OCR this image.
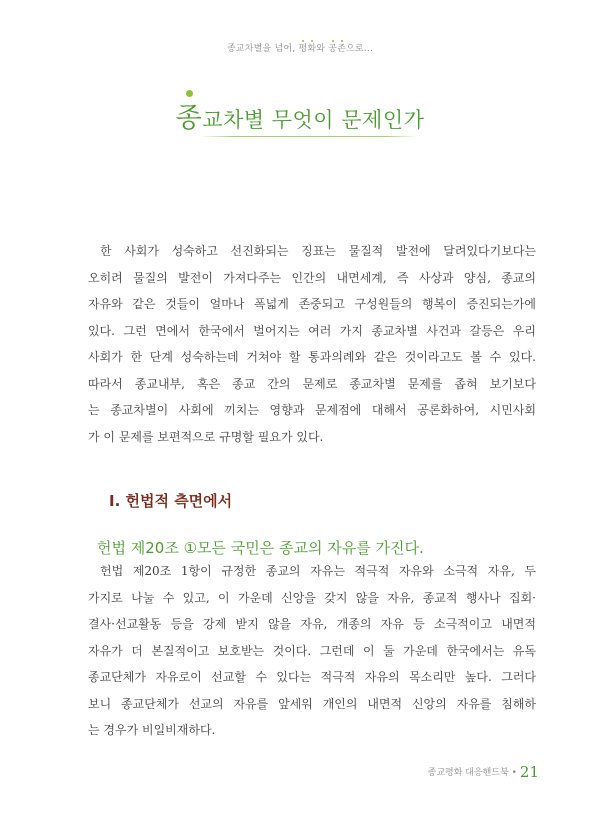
종교차별을 넘어, 평화와 공존으로...
종교차별 무엇이 문제인가
한 사회가 성숙하고 선진화되는 징표는 물질적 발전에 달려있다기보다는
오히려 물질의 발전이 가져다주는 인간의 내면세계, 즉 사상과 양심, 종교의
자유와 같은 것들이 얼마나 폭넓게 존중되고 구성원들의 행복이 증진되는가에
있다. 그런 면에서 한국에서 벌어지는 여러 가지 종교차별 사건과 갈등은 우리
사회가 한 단계 성숙하는데 거쳐야 할 통과의례와 같은 것이라고도 볼 수 있다.
따라서 종교내부, 혹은 종교 간의 문제로 종교차별 문제를 좁혀 보기보다
는 종교차별이 사회에 끼치는 영향과 문제점에 대해서 공론화하여, 시민사회
가 이 문제를 보편적으로 규명할 필요가 있다.
Ⅰ. 헌법적 측면에서
헌법 제20조 ①모든 국민은 종교의 자유를 가진다.
헌법 제20조 1항이 규정한 종교의 자유는 적극적 자유와 소극적 자유, 두
가지로 나눌 수 있고, 이 가운데 신앙을 갖지 않을 자유, 종교적 행사나 집회·
결사·선교활동 등을 강제 받지 않을 자유, 개종의 자유 등 소극적이고 내면적
자유가 더 본질적이고 보호받는 것이다. 그런데 이 둘 가운데 한국에서는 유독
종교단체가 자유로이 선교할 수 있다는 적극적 자유의 목소리만 높다. 그러다
보니 종교단체가 선교의 자유를 앞세워 개인의 내면적 신앙의 자유를 침해하
는 경우가 비일비재하다.
종교평화 대응핸드북 • 21
